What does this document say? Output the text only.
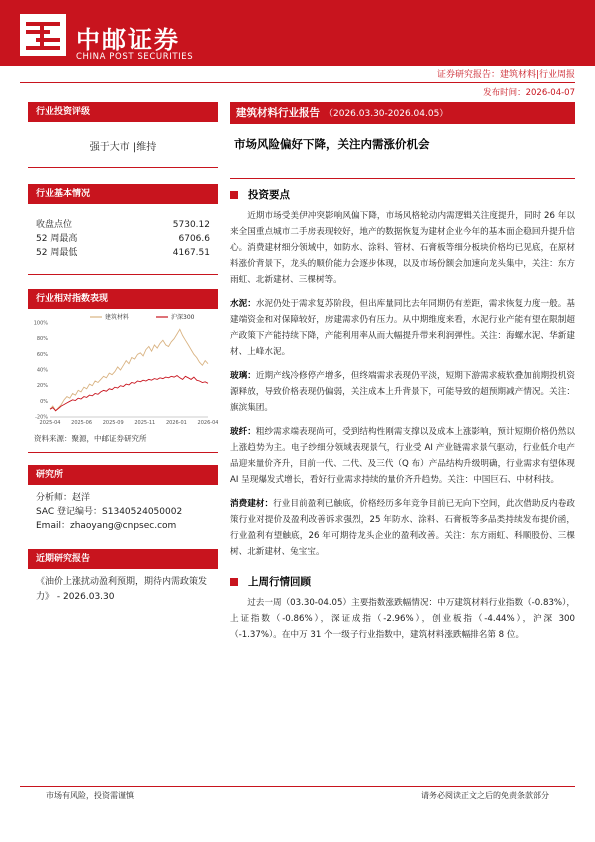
中邮证券
CHINA POST SECURITIES
证券研究报告：建筑材料|行业周报
发布时间：2026-04-07
行业投资评级
强于大市 |维持
行业基本情况
收盘点位	5730.12
52 周最高	6706.6
52 周最低	4167.51
行业相对指数表现
100%
80%
60%
40%
20%
0%
-20%
2025-04 2025-06 2025-09 2025-11 2026-01 2026-04
建筑材料	沪深300
资料来源：聚源，中邮证券研究所
研究所
分析师：赵洋
SAC 登记编号：S1340524050002
Email：zhaoyang@cnpsec.com
近期研究报告
《油价上涨扰动盈利预期，期待内需政策发力》 - 2026.03.30
建筑材料行业报告 （2026.03.30-2026.04.05）
市场风险偏好下降，关注内需涨价机会
投资要点
近期市场受美伊冲突影响风偏下降，市场风格轮动内需逻辑关注度提升，同时 26 年以来全国重点城市二手房表现较好，地产的数据恢复为建材企业今年的基本面企稳回升提升信心。消费建材细分领域中，如防水、涂料、管材、石膏板等细分板块价格均已见底，在原材料涨价背景下，龙头的顺价能力会逐步体现，以及市场份额会加速向龙头集中，关注：东方雨虹、北新建材、三棵树等。
水泥：水泥仍处于需求复苏阶段，但出库量同比去年同期仍有差距，需求恢复力度一般。基建端资金和对保障较好，房建需求仍有压力。从中期维度来看，水泥行业产能有望在限制超产政策下产能持续下降，产能利用率从而大幅提升带来利润弹性。关注：海螺水泥、华新建材、上峰水泥。
玻璃：近期产线冷修停产增多，但终端需求表现仍平淡，短期下游需求疲软叠加前期投机资源释放，导致价格表现仍偏弱，关注成本上升背景下，可能导致的超预期减产情况。关注：旗滨集团。
玻纤：粗纱需求端表现尚可，受到结构性刚需支撑以及成本上涨影响，预计短期价格仍然以上涨趋势为主。电子纱细分领域表现景气，行业受 AI 产业链需求景气驱动，行业低介电产品迎来量价齐升，目前一代、二代、及三代（Q 布）产品结构升级明确，行业需求有望体现 AI 呈现爆发式增长，看好行业需求持续的量价齐升趋势。关注：中国巨石、中材科技。
消费建材：行业目前盈利已触底，价格经历多年竞争目前已无向下空间，此次借助反内卷政策行业对提价及盈利改善诉求强烈，25 年防水、涂料、石膏板等多品类持续发布提价函，行业盈利有望触底，26 年可期待龙头企业的盈利改善。关注：东方雨虹、科顺股份、三棵树、北新建材、兔宝宝。
上周行情回顾
过去一周（03.30-04.05）主要指数涨跌幅情况：中万建筑材料行业指数（-0.83%），上证指数（-0.86%），深证成指（-2.96%），创业板指（-4.44%），沪深 300（-1.37%）。在中万 31 个一级子行业指数中，建筑材料涨跌幅排名第 8 位。
市场有风险，投资需谨慎	请务必阅读正文之后的免责条款部分
